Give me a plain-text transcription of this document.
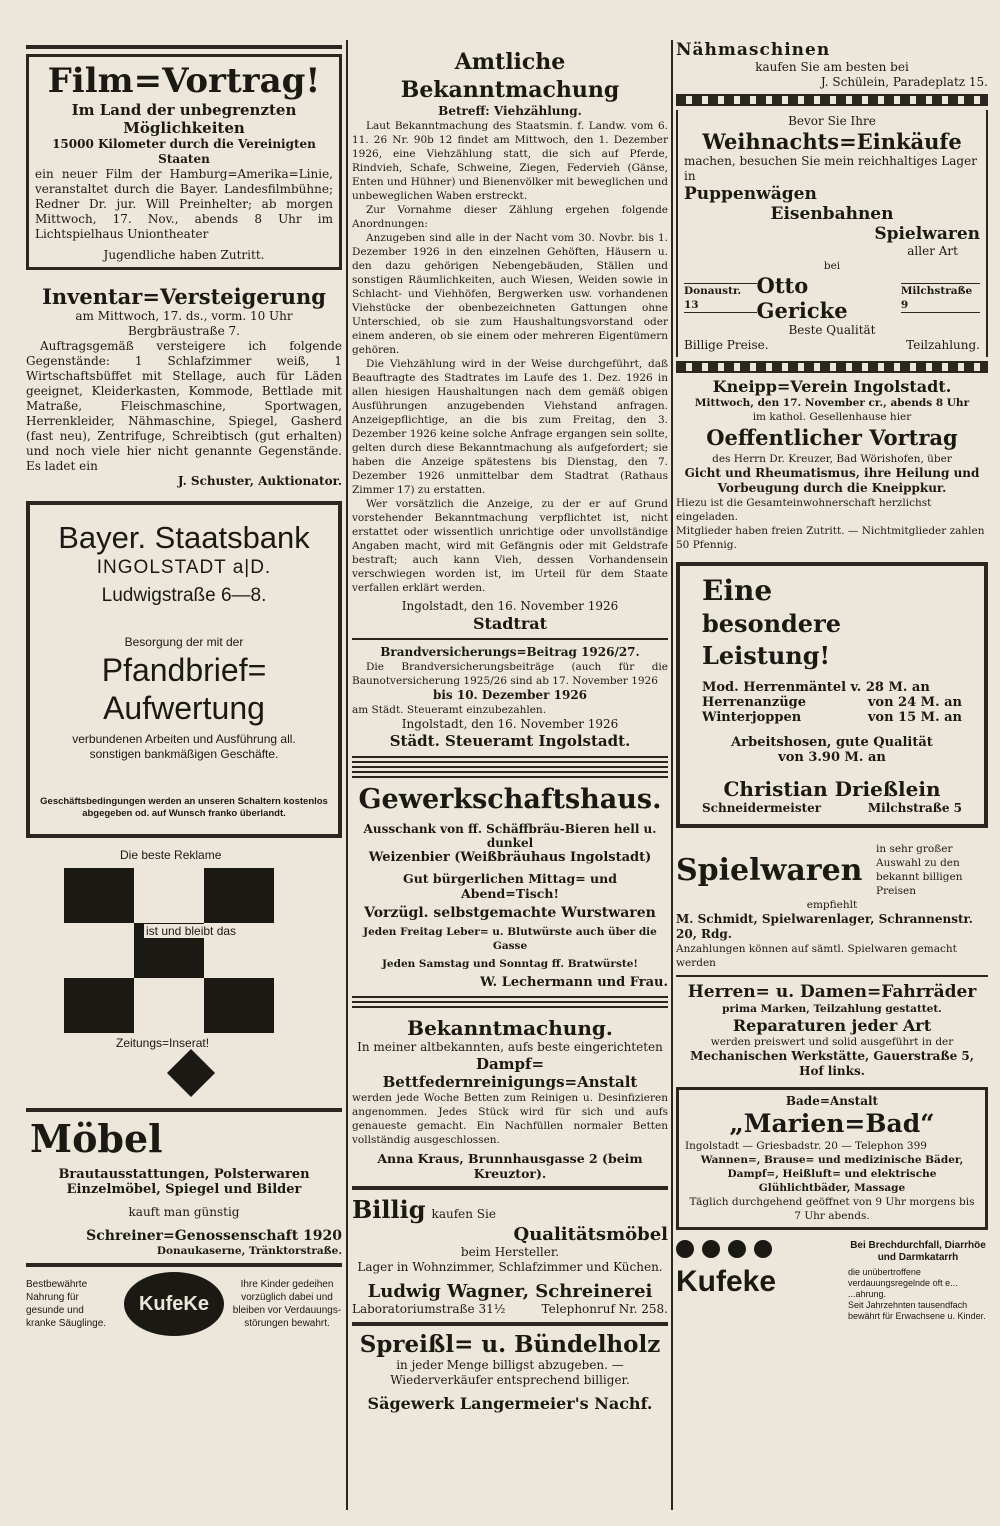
Film=Vortrag!
Im Land der unbegrenzten Möglichkeiten
15000 Kilometer durch die Vereinigten Staaten
ein neuer Film der Hamburg=Amerika=Linie, veranstaltet durch die Bayer. Landesfilmbühne; Redner Dr. jur. Will Preinhelter; ab morgen Mittwoch, 17. Nov., abends 8 Uhr im Lichtspielhaus Uniontheater
Jugendliche haben Zutritt.
Inventar=Versteigerung
am Mittwoch, 17. ds., vorm. 10 Uhr Bergbräustraße 7.
Auftragsgemäß versteigere ich folgende Gegenstände: 1 Schlafzimmer weiß, 1 Wirtschaftsbüffet mit Stellage, auch für Läden geeignet, Kleiderkasten, Kommode, Bettlade mit Matraße, Fleischmaschine, Sportwagen, Herrenkleider, Nähmaschine, Spiegel, Gasherd (fast neu), Zentrifuge, Schreibtisch (gut erhalten) und noch viele hier nicht genannte Gegenstände. Es ladet ein
J. Schuster, Auktionator.
Bayer. Staatsbank
INGOLSTADT a|D.
Ludwigstraße 6—8.
Besorgung der mit der
Pfandbrief=
Aufwertung
verbundenen Arbeiten und Ausführung all. sonstigen bankmäßigen Geschäfte.
Geschäftsbedingungen werden an unseren Schaltern kostenlos abgegeben od. auf Wunsch franko überlandt.
Die beste Reklame
ist und bleibt das
Zeitungs=Inserat!
Möbel
Brautausstattungen, Polsterwaren
Einzelmöbel, Spiegel und Bilder
kauft man günstig
Schreiner=Genossenschaft 1920
Donaukaserne, Tränktorstraße.
Bestbewährte Nahrung für gesunde und kranke Säuglinge.
KufeKe
Ihre Kinder gedeihen vorzüglich dabei und bleiben vor Verdauungs-störungen bewahrt.
Amtliche Bekanntmachung
Betreff: Viehzählung.
Laut Bekanntmachung des Staatsmin. f. Landw. vom 6. 11. 26 Nr. 90b 12 findet am Mittwoch, den 1. Dezember 1926, eine Viehzählung statt, die sich auf Pferde, Rindvieh, Schafe, Schweine, Ziegen, Federvieh (Gänse, Enten und Hühner) und Bienenvölker mit beweglichen und unbeweglichen Waben erstreckt.
Zur Vornahme dieser Zählung ergehen folgende Anordnungen:
Anzugeben sind alle in der Nacht vom 30. Novbr. bis 1. Dezember 1926 in den einzelnen Gehöften, Häusern u. den dazu gehörigen Nebengebäuden, Ställen und sonstigen Räumlichkeiten, auch Wiesen, Weiden sowie in Schlacht- und Viehhöfen, Bergwerken usw. vorhandenen Viehstücke der obenbezeichneten Gattungen ohne Unterschied, ob sie zum Haushaltungsvorstand oder einem anderen, ob sie einem oder mehreren Eigentümern gehören.
Die Viehzählung wird in der Weise durchgeführt, daß Beauftragte des Stadtrates im Laufe des 1. Dez. 1926 in allen hiesigen Haushaltungen nach dem gemäß obigen Ausführungen anzugebenden Viehstand anfragen. Anzeigepflichtige, an die bis zum Freitag, den 3. Dezember 1926 keine solche Anfrage ergangen sein sollte, gelten durch diese Bekanntmachung als aufgefordert; sie haben die Anzeige spätestens bis Dienstag, den 7. Dezember 1926 unmittelbar dem Stadtrat (Rathaus Zimmer 17) zu erstatten.
Wer vorsätzlich die Anzeige, zu der er auf Grund vorstehender Bekanntmachung verpflichtet ist, nicht erstattet oder wissentlich unrichtige oder unvollständige Angaben macht, wird mit Gefängnis oder mit Geldstrafe bestraft; auch kann Vieh, dessen Vorhandensein verschwiegen worden ist, im Urteil für dem Staate verfallen erklärt werden.
Ingolstadt, den 16. November 1926
Stadtrat
Brandversicherungs=Beitrag 1926/27.
Die Brandversicherungsbeiträge (auch für die Baunotversicherung 1925/26 sind ab 17. November 1926
bis 10. Dezember 1926
am Städt. Steueramt einzubezahlen.
Ingolstadt, den 16. November 1926
Städt. Steueramt Ingolstadt.
Gewerkschaftshaus.
Ausschank von ff. Schäffbräu-Bieren hell u. dunkel
Weizenbier (Weißbräuhaus Ingolstadt)
Gut bürgerlichen Mittag= und Abend=Tisch!
Vorzügl. selbstgemachte Wurstwaren
Jeden Freitag Leber= u. Blutwürste auch über die Gasse
Jeden Samstag und Sonntag ff. Bratwürste!
W. Lechermann und Frau.
Bekanntmachung.
In meiner altbekannten, aufs beste eingerichteten
Dampf=
Bettfedernreinigungs=Anstalt
werden jede Woche Betten zum Reinigen u. Desinfizieren angenommen. Jedes Stück wird für sich und aufs genaueste gemacht. Ein Nachfüllen normaler Betten vollständig ausgeschlossen.
Anna Kraus, Brunnhausgasse 2 (beim Kreuztor).
Billig kaufen Sie
Qualitätsmöbel
beim Hersteller.
Lager in Wohnzimmer, Schlafzimmer und Küchen.
Ludwig Wagner, Schreinerei
Laboratoriumstraße 31½	Telephonruf Nr. 258.
Spreißl= u. Bündelholz
in jeder Menge billigst abzugeben. — Wiederverkäufer entsprechend billiger.
Sägewerk Langermeier's Nachf.
Nähmaschinen
kaufen Sie am besten bei
J. Schülein, Paradeplatz 15.
Bevor Sie Ihre
Weihnachts=Einkäufe
machen, besuchen Sie mein reichhaltiges Lager in
Puppenwägen
Eisenbahnen
Spielwaren
aller Art
bei
Donaustr. 13
Otto Gericke
Milchstraße 9
Beste Qualität
Billige Preise.	Teilzahlung.
Kneipp=Verein Ingolstadt.
Mittwoch, den 17. November cr., abends 8 Uhr
im kathol. Gesellenhause hier
Oeffentlicher Vortrag
des Herrn Dr. Kreuzer, Bad Wörishofen, über
Gicht und Rheumatismus, ihre Heilung und Vorbeugung durch die Kneippkur.
Hiezu ist die Gesamteinwohnerschaft herzlichst eingeladen.
Mitglieder haben freien Zutritt. — Nichtmitglieder zahlen 50 Pfennig.
Eine
besondere Leistung!
Mod. Herrenmäntel v. 28 M. an
Herrenanzüge	von 24 M. an
Winterjoppen	von 15 M. an
Arbeitshosen, gute Qualität
von 3.90 M. an
Christian Drießlein
Schneidermeister	Milchstraße 5
Spielwaren
in sehr großer Auswahl zu den bekannt billigen Preisen
empfiehlt
M. Schmidt, Spielwarenlager, Schrannenstr. 20, Rdg.
Anzahlungen können auf sämtl. Spielwaren gemacht werden
Herren= u. Damen=Fahrräder
prima Marken, Teilzahlung gestattet.
Reparaturen jeder Art
werden preiswert und solid ausgeführt in der
Mechanischen Werkstätte, Gauerstraße 5, Hof links.
Bade=Anstalt
„Marien=Bad“
Ingolstadt — Griesbadstr. 20 — Telephon 399
Wannen=, Brause= und medizinische Bäder,
Dampf=, Heißluft= und elektrische Glühlichtbäder, Massage
Täglich durchgehend geöffnet von 9 Uhr morgens bis 7 Uhr abends.
Kufeke
Bei Brechdurchfall, Diarrhöe und Darmkatarrh
die unübertroffene verdauungsregelnde oft e... ...ahrung.
Seit Jahrzehnten tausendfach bewährt für Erwachsene u. Kinder.
